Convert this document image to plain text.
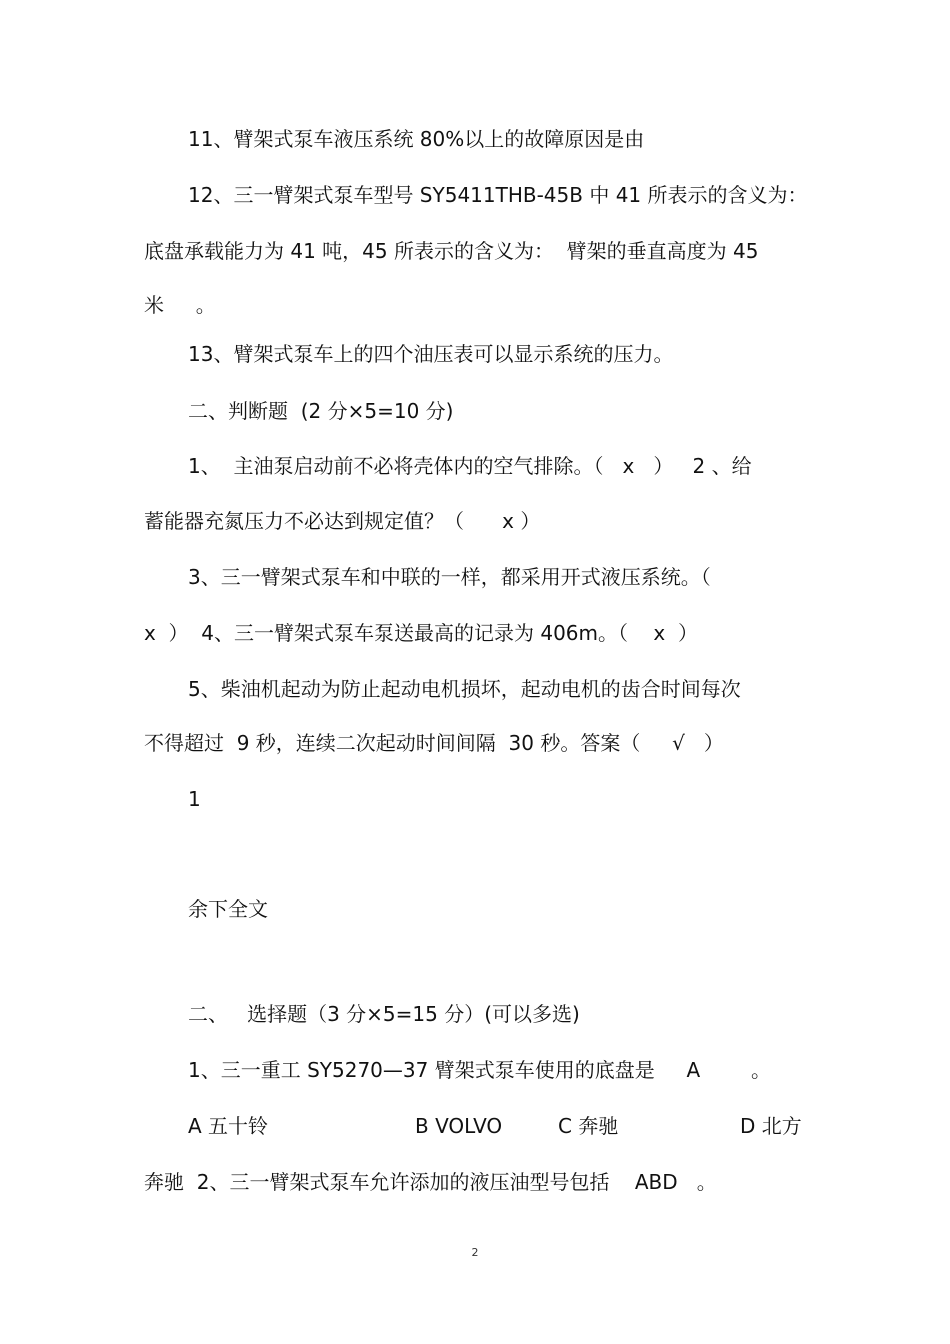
11、臂架式泵车液压系统 80%以上的故障原因是由
12、三一臂架式泵车型号 SY5411THB-45B 中 41 所表示的含义为：
底盘承载能力为 41 吨，45 所表示的含义为：  臂架的垂直高度为 45
米     。
13、臂架式泵车上的四个油压表可以显示系统的压力。
二、判断题  (2 分×5=10 分)
1、  主油泵启动前不必将壳体内的空气排除。（   x   ）   2 、给
蓄能器充氮压力不必达到规定值？（      x ）
3、三一臂架式泵车和中联的一样，都采用开式液压系统。（
x  ）  4、三一臂架式泵车泵送最高的记录为 406m。（    x  ）
5、柴油机起动为防止起动电机损坏，起动电机的齿合时间每次
不得超过  9 秒，连续二次起动时间间隔  30 秒。答案（     √   ）
1
余下全文
二、   选择题（3 分×5=15 分）(可以多选)
1、三一重工 SY5270—37 臂架式泵车使用的底盘是     A        。
A 五十铃	B VOLVO	C 奔驰	D 北方
奔驰  2、三一臂架式泵车允许添加的液压油型号包括    ABD   。
2
